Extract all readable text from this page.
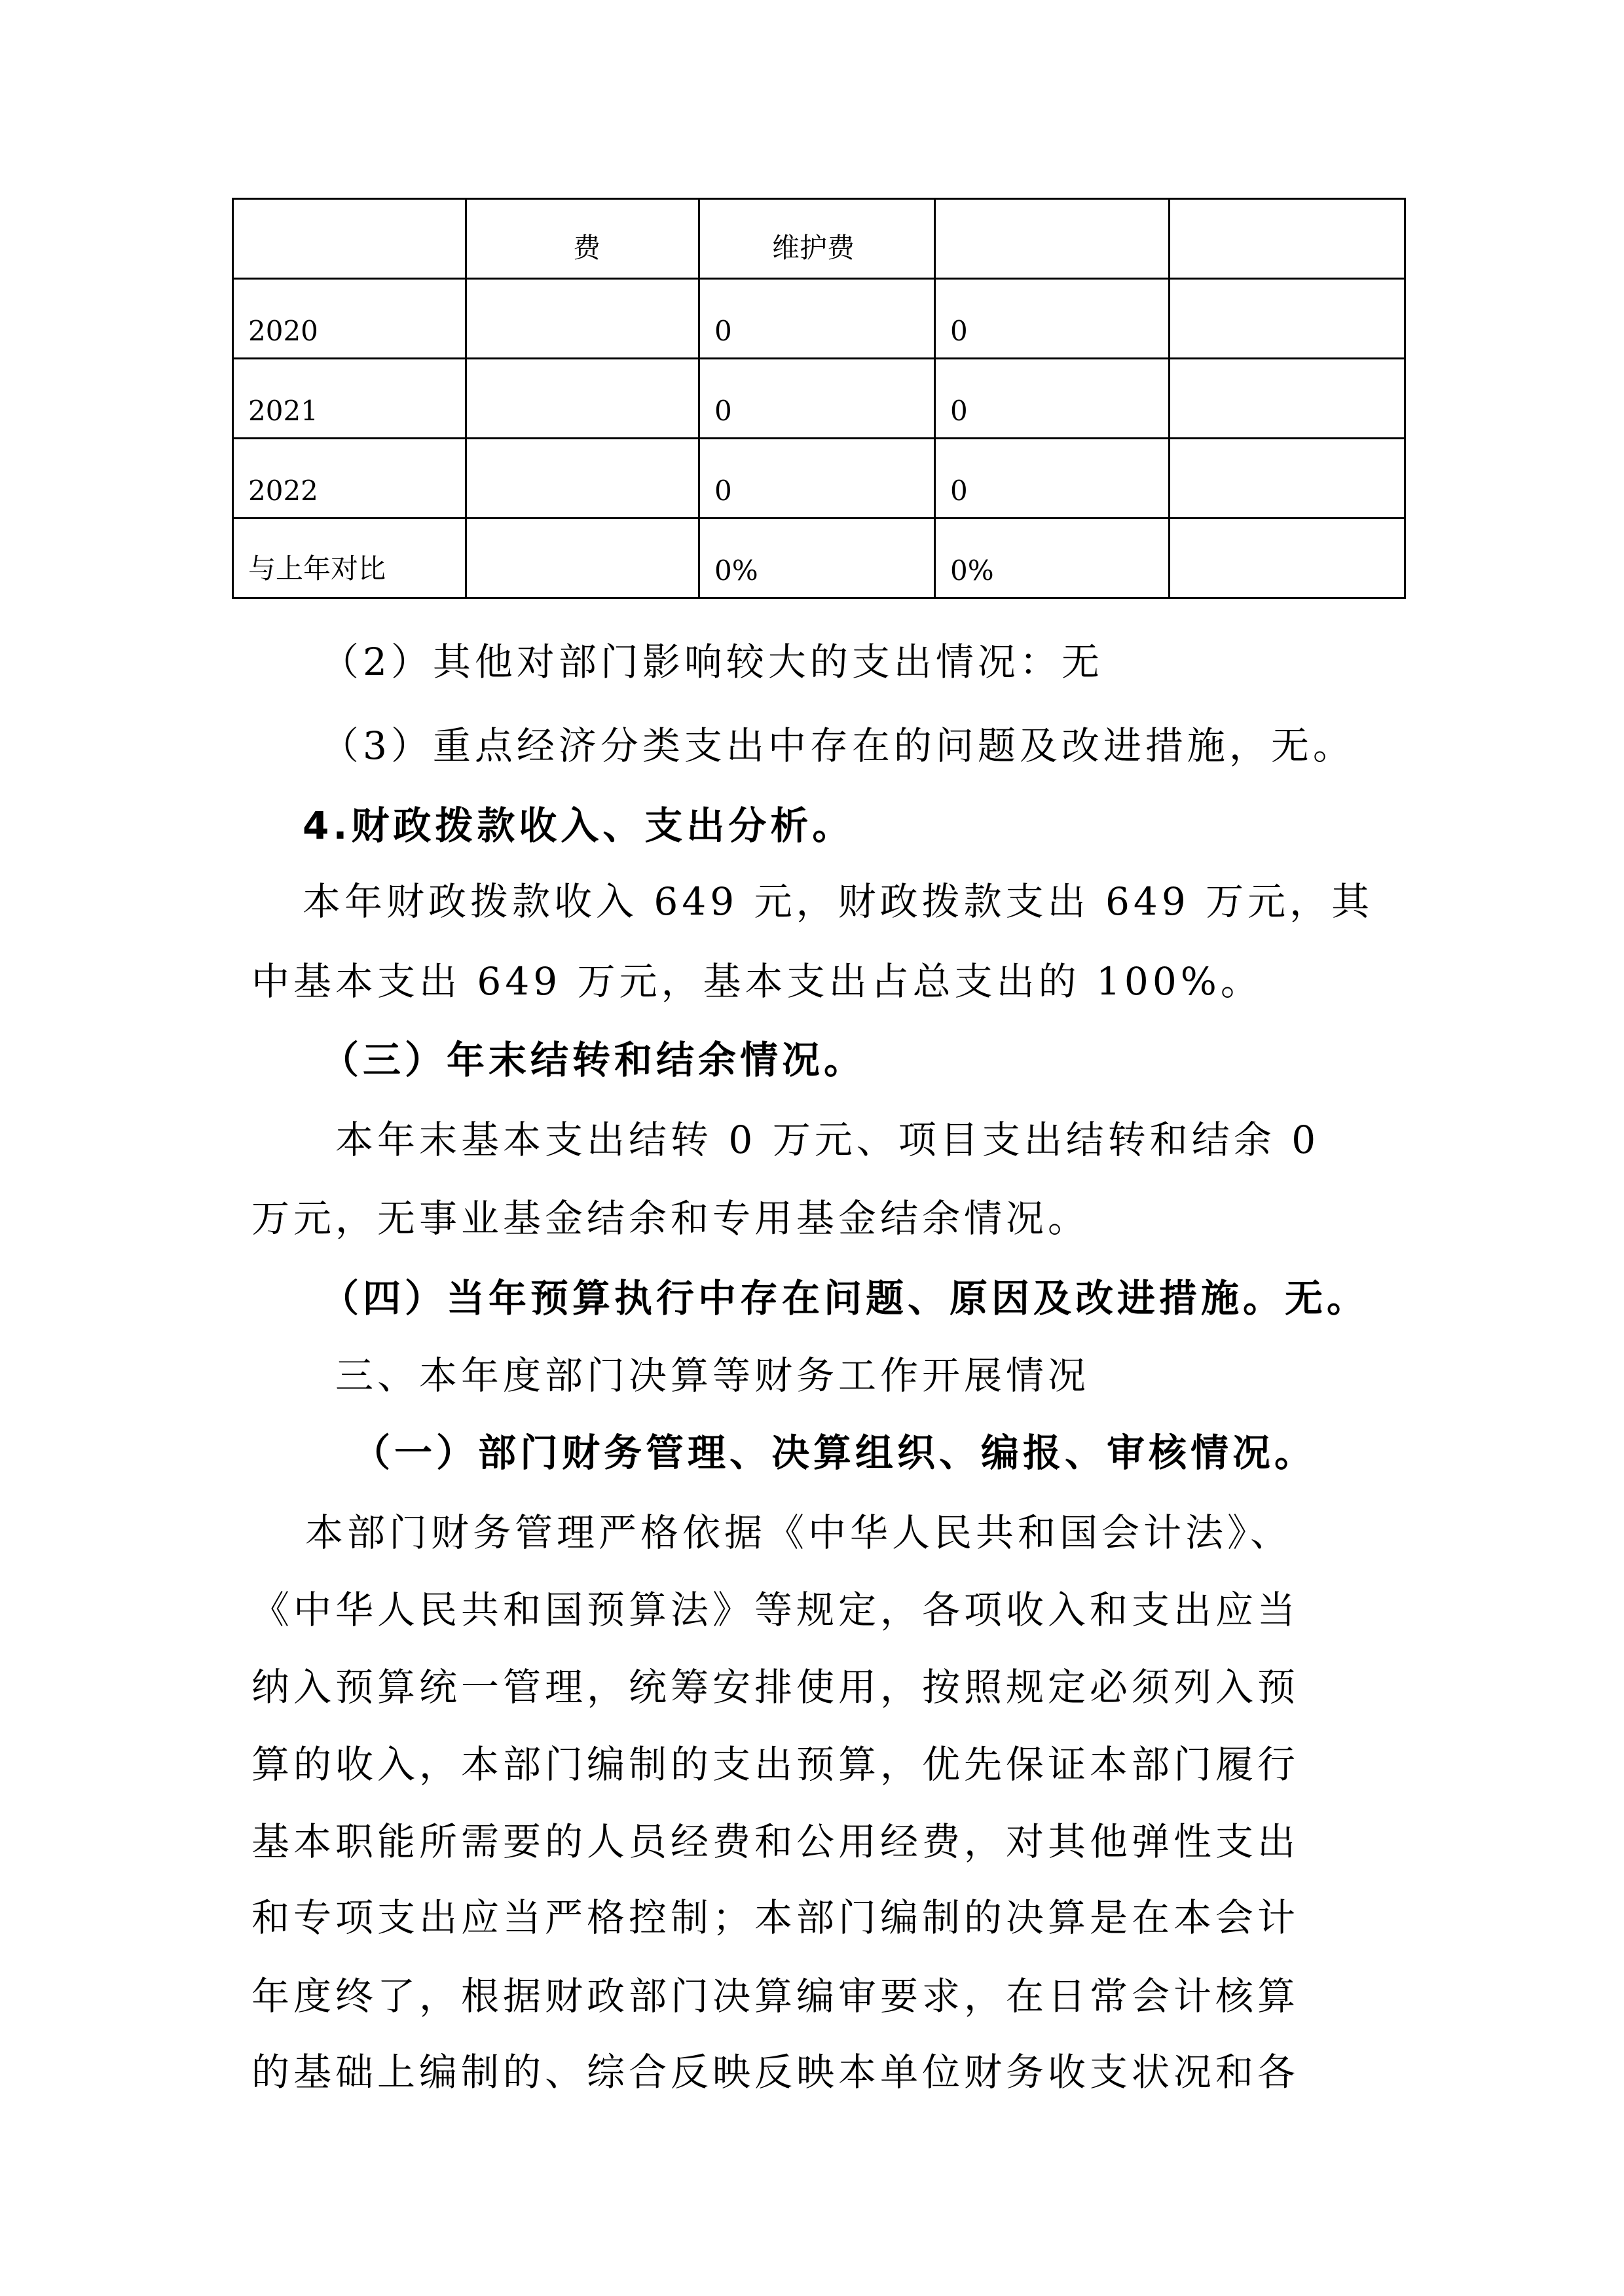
	费	维护费		
2020		0	0	
2021		0	0	
2022		0	0	
与上年对比		0%	0%	
（2）其他对部门影响较大的支出情况：无
（3）重点经济分类支出中存在的问题及改进措施，无。
4.财政拨款收入、支出分析。
本年财政拨款收入 649 元，财政拨款支出 649 万元，其
中基本支出 649 万元，基本支出占总支出的 100%。
（三）年末结转和结余情况。
本年末基本支出结转 0 万元、项目支出结转和结余 0
万元，无事业基金结余和专用基金结余情况。
（四）当年预算执行中存在问题、原因及改进措施。无。
三、本年度部门决算等财务工作开展情况
（一）部门财务管理、决算组织、编报、审核情况。
本部门财务管理严格依据《中华人民共和国会计法》、
《中华人民共和国预算法》等规定，各项收入和支出应当
纳入预算统一管理，统筹安排使用，按照规定必须列入预
算的收入，本部门编制的支出预算，优先保证本部门履行
基本职能所需要的人员经费和公用经费，对其他弹性支出
和专项支出应当严格控制；本部门编制的决算是在本会计
年度终了，根据财政部门决算编审要求，在日常会计核算
的基础上编制的、综合反映反映本单位财务收支状况和各
